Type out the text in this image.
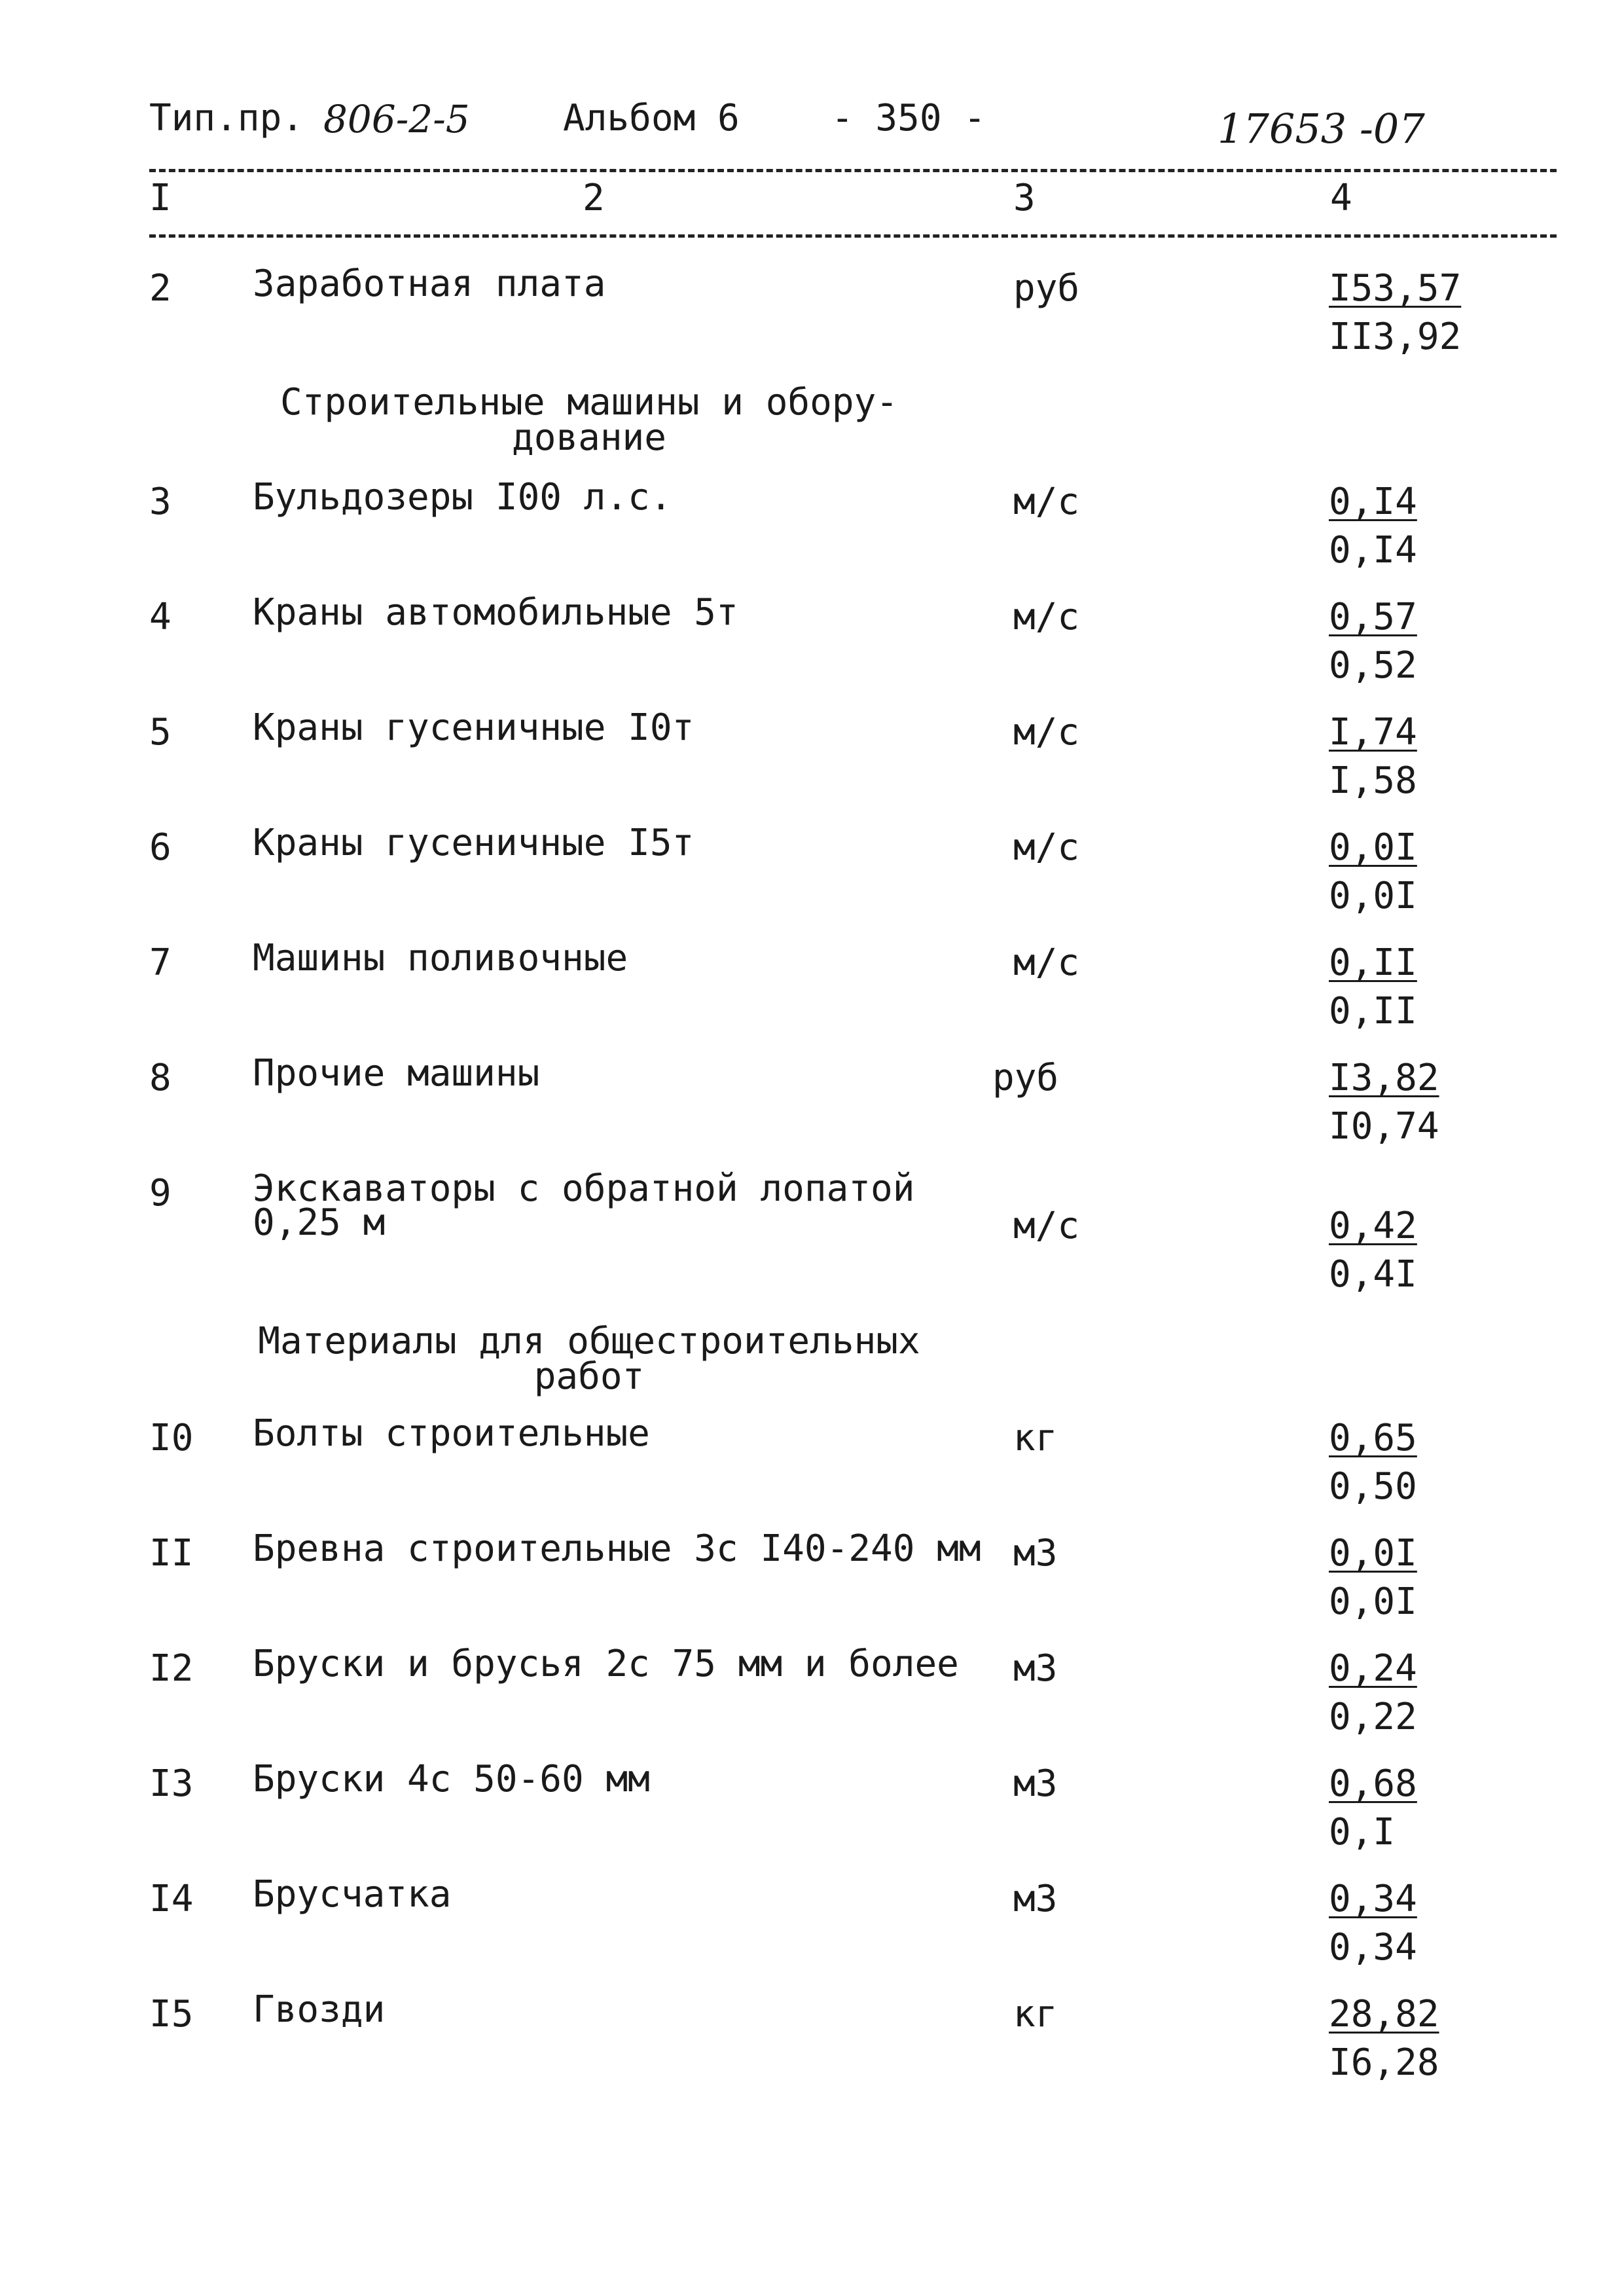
Тип.пр. 806-2-5	Альбом 6	- 350 -	17653 -07
I	2	3	4
2 Заработная плата	руб	I53,57
II3,92
Строительные машины и обору-
дование
3 Бульдозеры I00 л.с.	м/с	0,I4
0,I4
4 Краны автомобильные 5т	м/с	0,57
0,52
5 Краны гусеничные I0т	м/с	I,74
I,58
6 Краны гусеничные I5т	м/с	0,0I
0,0I
7 Машины поливочные	м/с	0,II
0,II
8 Прочие машины	руб	I3,82
I0,74
9 Экскаваторы с обратной лопатой
0,25 м	м/с	0,42
0,4I
Материалы для общестроительных
работ
I0 Болты строительные	кг	0,65
0,50
II Бревна строительные 3с I40-240 мм м3	0,0I
0,0I
I2 Бруски и брусья 2с 75 мм и более м3	0,24
0,22
I3 Бруски 4с 50-60 мм	м3	0,68
0,I
I4 Брусчатка	м3	0,34
0,34
I5 Гвозди	кг	28,82
I6,28
